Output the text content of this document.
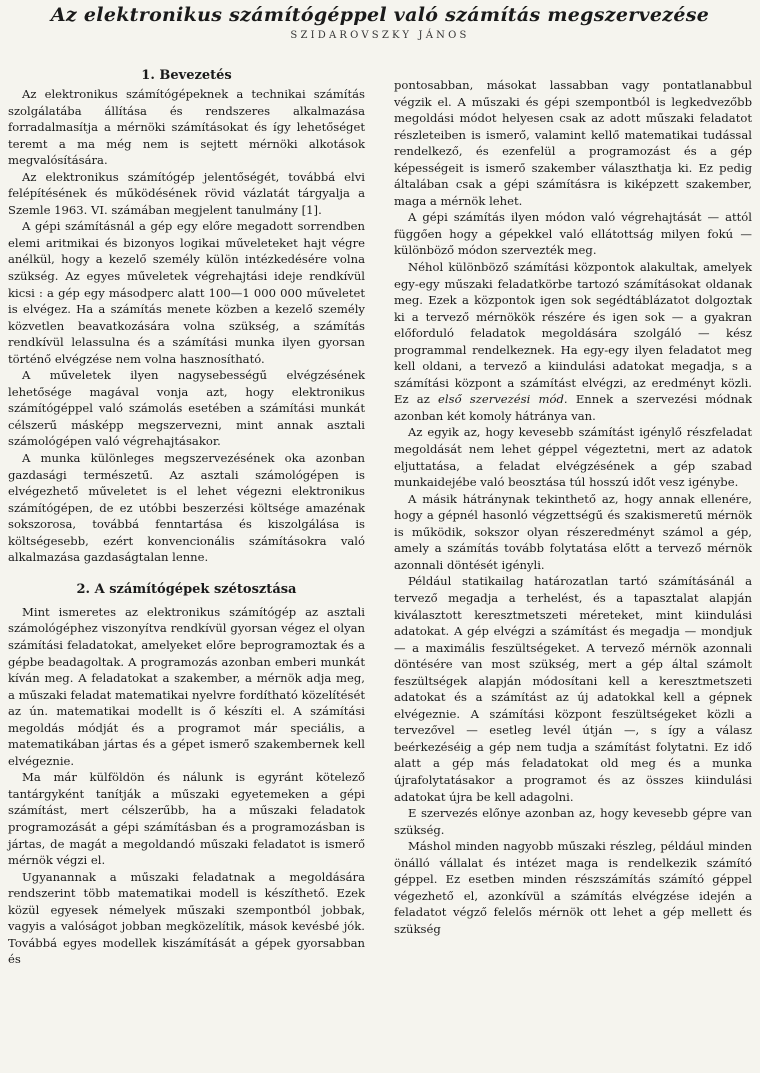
Az elektronikus számítógéppel való számítás megszervezése
SZIDAROVSZKY JÁNOS
1. Bevezetés

Az elektronikus számítógépeknek a technikai számítás szolgálatába állítása és rendszeres alkalmazása forradalmasítja a mérnöki számításokat és így lehetőséget teremt a ma még nem is sejtett mérnöki alkotások megvalósítására.

Az elektronikus számítógép jelentőségét, továbbá elvi felépítésének és működésének rövid vázlatát tárgyalja a Szemle 1963. VI. számában megjelent tanulmány [1].

A gépi számításnál a gép egy előre megadott sorrendben elemi aritmikai és bizonyos logikai műveleteket hajt végre anélkül, hogy a kezelő személy külön intézkedésére volna szükség. Az egyes műveletek végrehajtási ideje rendkívül kicsi : a gép egy másodperc alatt 100—1 000 000 műveletet is elvégez. Ha a számítás menete közben a kezelő személy közvetlen beavatkozására volna szükség, a számítás rendkívül lelassulna és a számítási munka ilyen gyorsan történő elvégzése nem volna hasznosítható.

A műveletek ilyen nagysebességű elvégzésének lehetősége magával vonja azt, hogy elektronikus számítógéppel való számolás esetében a számítási munkát célszerű másképp megszervezni, mint annak asztali számológépen való végrehajtásakor.

A munka különleges megszervezésének oka azonban gazdasági természetű. Az asztali számológépen is elvégezhető műveletet is el lehet végezni elektronikus számítógépen, de ez utóbbi beszerzési költsége amazénak sokszorosa, továbbá fenntartása és kiszolgálása is költségesebb, ezért konvencionális számításokra való alkalmazása gazdaságtalan lenne.

2. A számítógépek szétosztása

Mint ismeretes az elektronikus számítógép az asztali számológéphez viszonyítva rendkívül gyorsan végez el olyan számítási feladatokat, amelyeket előre beprogramoztak és a gépbe beadagoltak. A programozás azonban emberi munkát kíván meg. A feladatokat a szakember, a mérnök adja meg, a műszaki feladat matematikai nyelvre fordítható közelítését az ún. matematikai modellt is ő készíti el. A számítási megoldás módját és a programot már speciális, a matematikában jártas és a gépet ismerő szakembernek kell elvégeznie.

Ma már külföldön és nálunk is egyránt kötelező tantárgyként tanítják a műszaki egyetemeken a gépi számítást, mert célszerűbb, ha a műszaki feladatok programozását a gépi számításban és a programozásban is jártas, de magát a megoldandó műszaki feladatot is ismerő mérnök végzi el.

Ugyanannak a műszaki feladatnak a megoldására rendszerint több matematikai modell is készíthető. Ezek közül egyesek némelyek műszaki szempontból jobbak, vagyis a valóságot jobban megközelítik, mások kevésbé jók. Továbbá egyes modellek kiszámítását a gépek gyorsabban és

pontosabban, másokat lassabban vagy pontatlanabbul végzik el. A műszaki és gépi szempontból is legkedvezőbb megoldási módot helyesen csak az adott műszaki feladatot részleteiben is ismerő, valamint kellő matematikai tudással rendelkező, és ezenfelül a programozást és a gép képességeit is ismerő szakember választhatja ki. Ez pedig általában csak a gépi számításra is kiképzett szakember, maga a mérnök lehet.

A gépi számítás ilyen módon való végrehajtását — attól függően hogy a gépekkel való ellátottság milyen fokú — különböző módon szervezték meg.

Néhol különböző számítási központok alakultak, amelyek egy-egy műszaki feladatkörbe tartozó számításokat oldanak meg. Ezek a központok igen sok segédtáblázatot dolgoztak ki a tervező mérnökök részére és igen sok — a gyakran előforduló feladatok megoldására szolgáló — kész programmal rendelkeznek. Ha egy-egy ilyen feladatot meg kell oldani, a tervező a kiindulási adatokat megadja, s a számítási központ a számítást elvégzi, az eredményt közli. Ez az első szervezési mód. Ennek a szervezési módnak azonban két komoly hátránya van.

Az egyik az, hogy kevesebb számítást igénylő részfeladat megoldását nem lehet géppel végeztetni, mert az adatok eljuttatása, a feladat elvégzésének a gép szabad munkaidejébe való beosztása túl hosszú időt vesz igénybe.

A másik hátránynak tekinthető az, hogy annak ellenére, hogy a gépnél hasonló végzettségű és szakismeretű mérnök is működik, sokszor olyan részeredményt számol a gép, amely a számítás tovább folytatása előtt a tervező mérnök azonnali döntését igényli.

Például statikailag határozatlan tartó számításánál a tervező megadja a terhelést, és a tapasztalat alapján kiválasztott keresztmetszeti méreteket, mint kiindulási adatokat. A gép elvégzi a számítást és megadja — mondjuk — a maximális feszültségeket. A tervező mérnök azonnali döntésére van most szükség, mert a gép által számolt feszültségek alapján módosítani kell a keresztmetszeti adatokat és a számítást az új adatokkal kell a gépnek elvégeznie. A számítási központ feszültségeket közli a tervezővel — esetleg levél útján —, s így a válasz beérkezéséig a gép nem tudja a számítást folytatni. Ez idő alatt a gép más feladatokat old meg és a munka újrafolytatásakor a programot és az összes kiindulási adatokat újra be kell adagolni.

E szervezés előnye azonban az, hogy kevesebb gépre van szükség.

Máshol minden nagyobb műszaki részleg, például minden önálló vállalat és intézet maga is rendelkezik számító géppel. Ez esetben minden részszámítás számító géppel végezhető el, azonkívül a számítás elvégzése idején a feladatot végző felelős mérnök ott lehet a gép mellett és szükség
